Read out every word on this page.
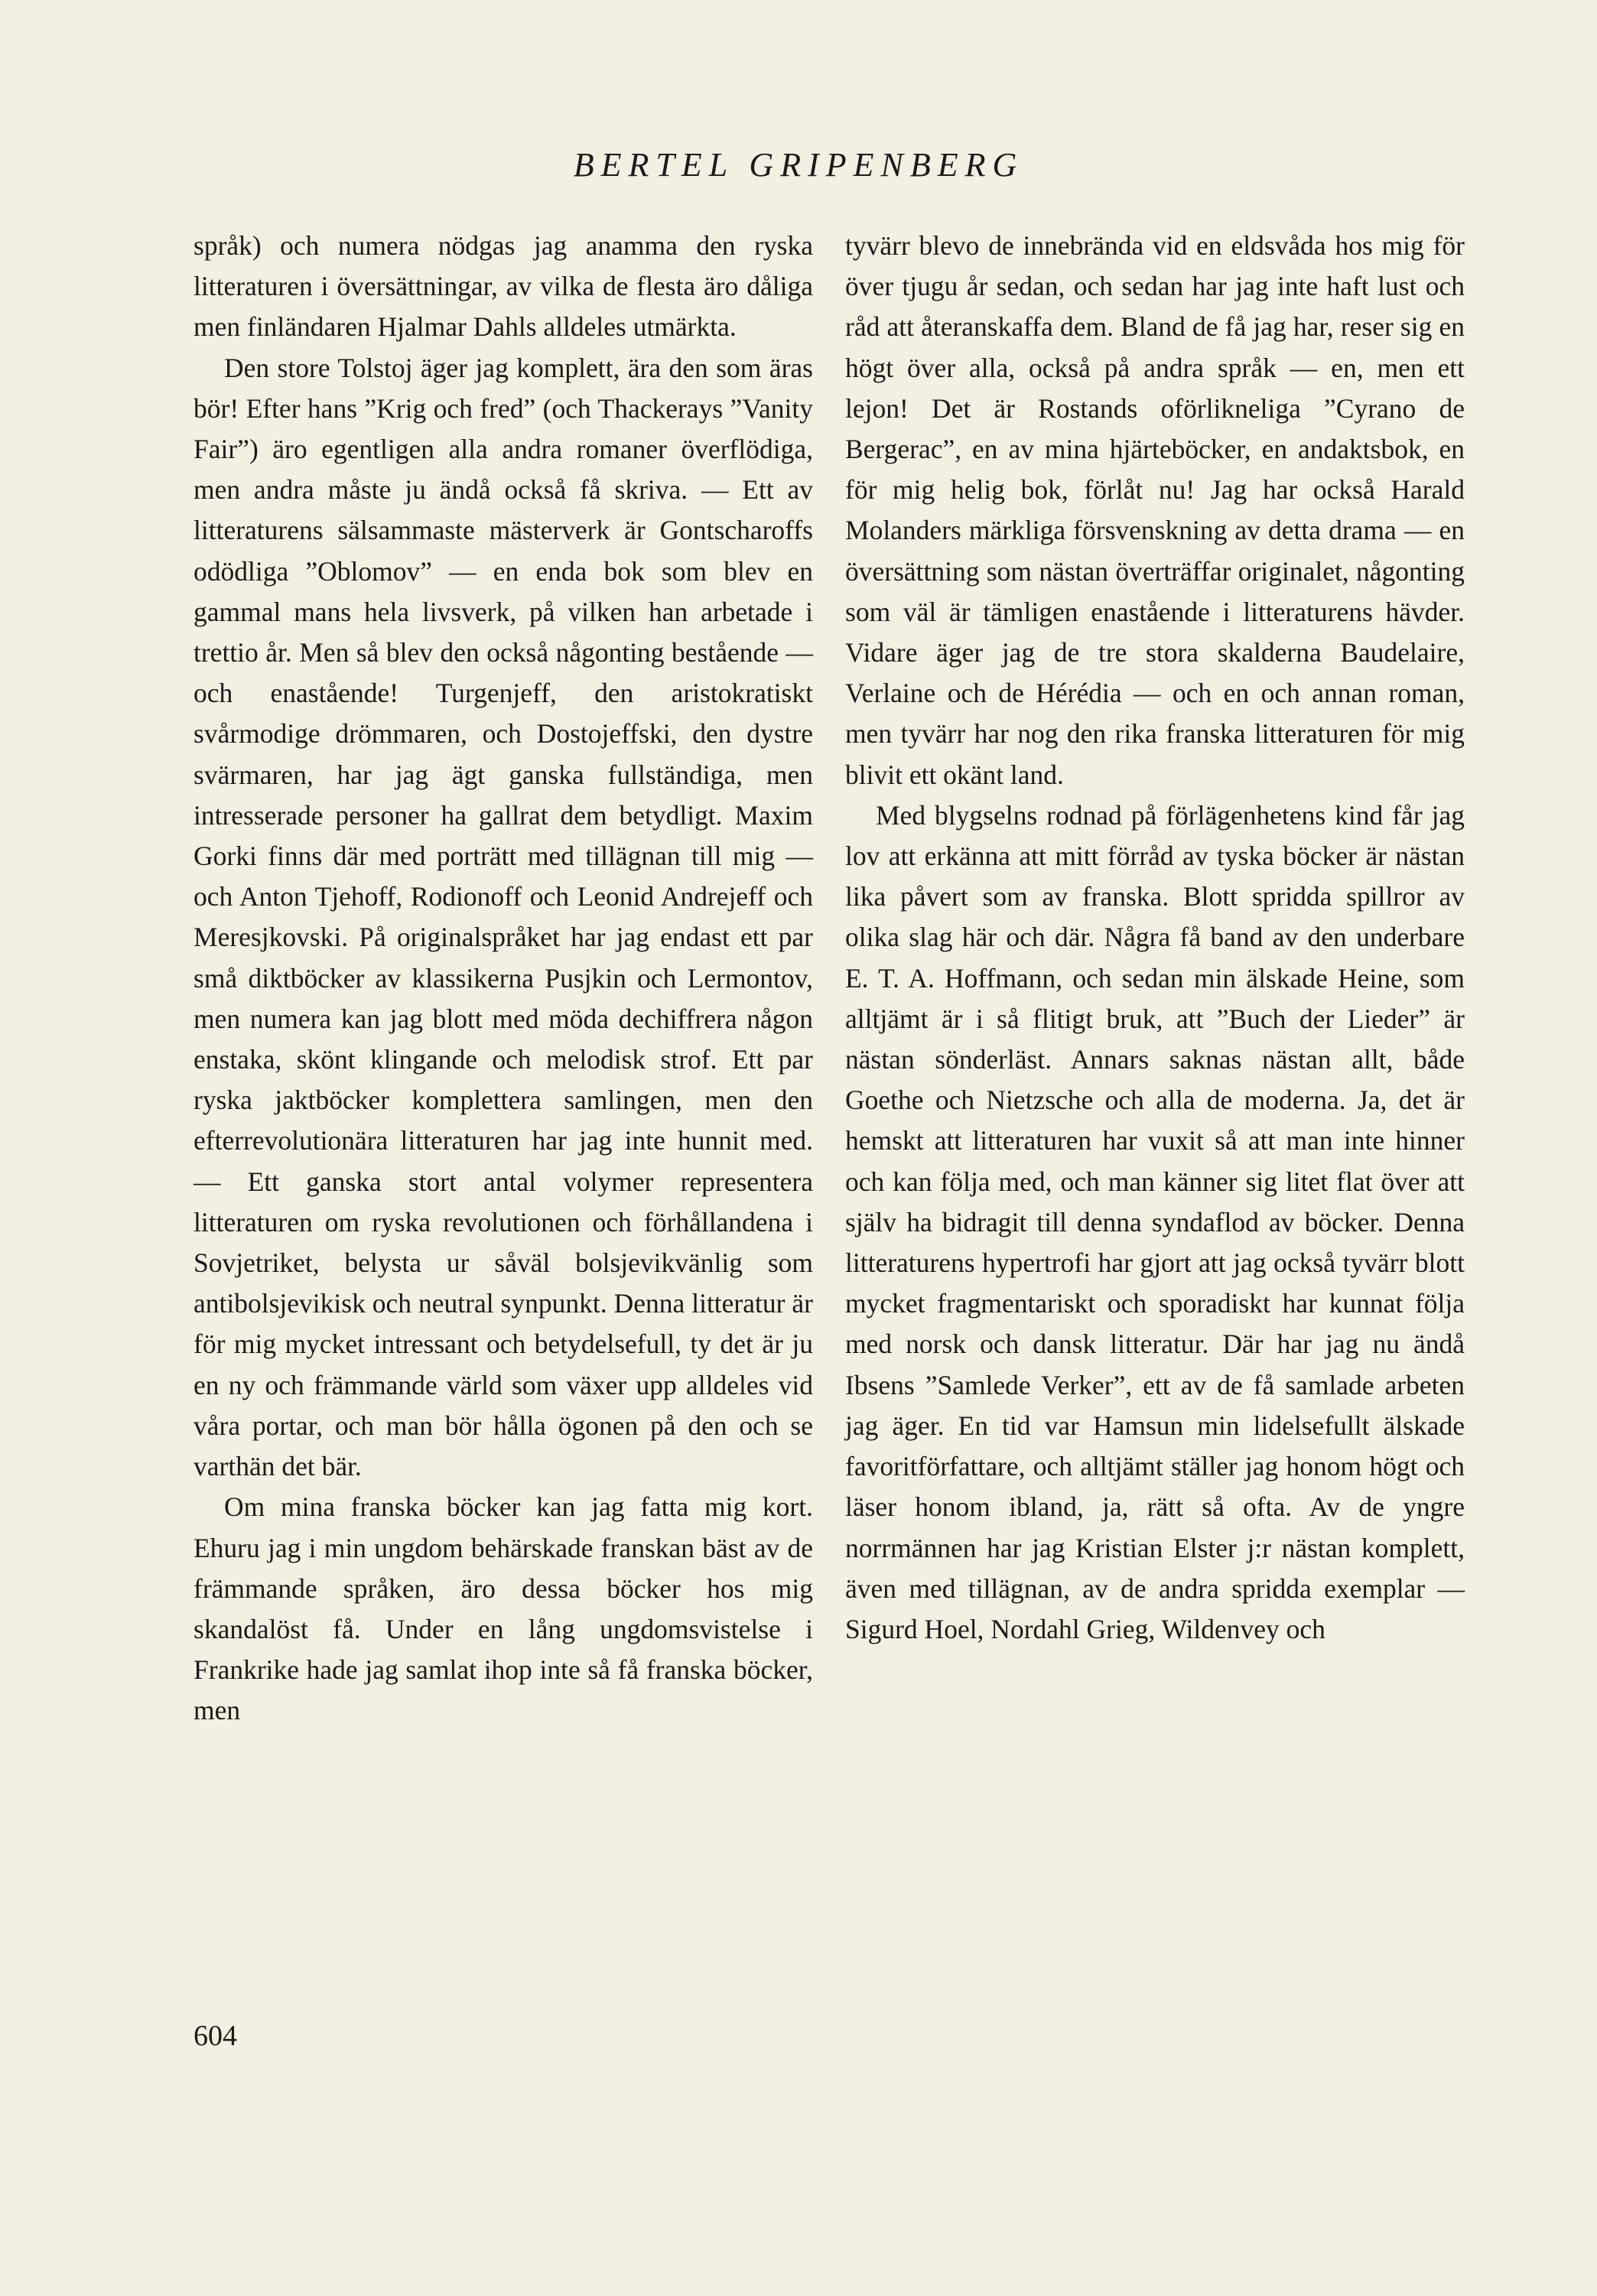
BERTEL GRIPENBERG

språk) och numera nödgas jag anamma den ryska litteraturen i översättningar, av vilka de flesta äro dåliga men finländaren Hjalmar Dahls alldeles utmärkta.

Den store Tolstoj äger jag komplett, ära den som äras bör! Efter hans ”Krig och fred” (och Thackerays ”Vanity Fair”) äro egentligen alla andra romaner överflödiga, men andra måste ju ändå också få skriva. — Ett av litteraturens sälsammaste mästerverk är Gontscharoffs odödliga ”Oblomov” — en enda bok som blev en gammal mans hela livsverk, på vilken han arbetade i trettio år. Men så blev den också någonting bestående — och enastående! Turgenjeff, den aristokratiskt svårmodige drömmaren, och Dostojeffski, den dystre svärmaren, har jag ägt ganska fullständiga, men intresserade personer ha gallrat dem betydligt. Maxim Gorki finns där med porträtt med tillägnan till mig — och Anton Tjehoff, Rodionoff och Leonid Andrejeff och Meresjkovski. På originalspråket har jag endast ett par små diktböcker av klassikerna Pusjkin och Lermontov, men numera kan jag blott med möda dechiffrera någon enstaka, skönt klingande och melodisk strof. Ett par ryska jaktböcker komplettera samlingen, men den efterrevolutionära litteraturen har jag inte hunnit med. — Ett ganska stort antal volymer representera litteraturen om ryska revolutionen och förhållandena i Sovjetriket, belysta ur såväl bolsjevikvänlig som antibolsjevikisk och neutral synpunkt. Denna litteratur är för mig mycket intressant och betydelsefull, ty det är ju en ny och främmande värld som växer upp alldeles vid våra portar, och man bör hålla ögonen på den och se varthän det bär.

Om mina franska böcker kan jag fatta mig kort. Ehuru jag i min ungdom behärskade franskan bäst av de främmande språken, äro dessa böcker hos mig skandalöst få. Under en lång ungdomsvistelse i Frankrike hade jag samlat ihop inte så få franska böcker, men

tyvärr blevo de innebrända vid en eldsvåda hos mig för över tjugu år sedan, och sedan har jag inte haft lust och råd att återanskaffa dem. Bland de få jag har, reser sig en högt över alla, också på andra språk — en, men ett lejon! Det är Rostands oförlikneliga ”Cyrano de Bergerac”, en av mina hjärteböcker, en andaktsbok, en för mig helig bok, förlåt nu! Jag har också Harald Molanders märkliga försvenskning av detta drama — en översättning som nästan överträffar originalet, någonting som väl är tämligen enastående i litteraturens hävder. Vidare äger jag de tre stora skalderna Baudelaire, Verlaine och de Hérédia — och en och annan roman, men tyvärr har nog den rika franska litteraturen för mig blivit ett okänt land.

Med blygselns rodnad på förlägenhetens kind får jag lov att erkänna att mitt förråd av tyska böcker är nästan lika påvert som av franska. Blott spridda spillror av olika slag här och där. Några få band av den underbare E. T. A. Hoffmann, och sedan min älskade Heine, som alltjämt är i så flitigt bruk, att ”Buch der Lieder” är nästan sönderläst. Annars saknas nästan allt, både Goethe och Nietzsche och alla de moderna. Ja, det är hemskt att litteraturen har vuxit så att man inte hinner och kan följa med, och man känner sig litet flat över att själv ha bidragit till denna syndaflod av böcker. Denna litteraturens hypertrofi har gjort att jag också tyvärr blott mycket fragmentariskt och sporadiskt har kunnat följa med norsk och dansk litteratur. Där har jag nu ändå Ibsens ”Samlede Verker”, ett av de få samlade arbeten jag äger. En tid var Hamsun min lidelsefullt älskade favoritförfattare, och alltjämt ställer jag honom högt och läser honom ibland, ja, rätt så ofta. Av de yngre norrmännen har jag Kristian Elster j:r nästan komplett, även med tillägnan, av de andra spridda exemplar — Sigurd Hoel, Nordahl Grieg, Wildenvey och

604
